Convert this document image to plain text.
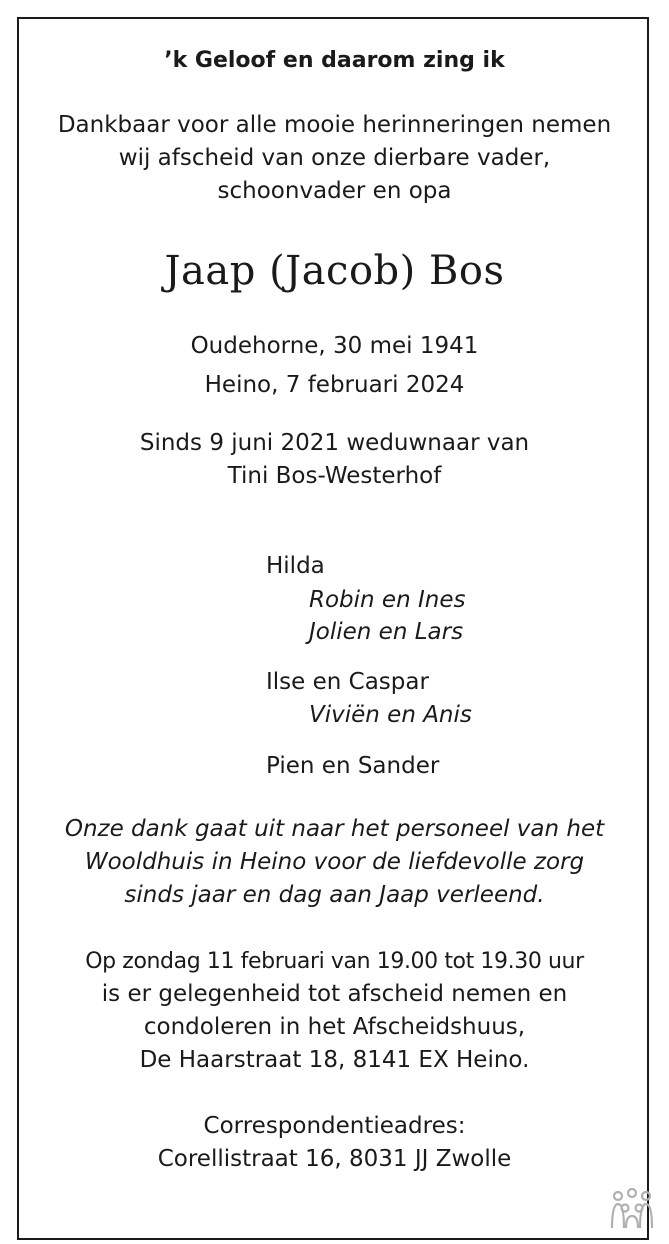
’k Geloof en daarom zing ik
Dankbaar voor alle mooie herinneringen nemen
wij afscheid van onze dierbare vader,
schoonvader en opa
Jaap (Jacob) Bos
Oudehorne, 30 mei 1941
Heino, 7 februari 2024
Sinds 9 juni 2021 weduwnaar van
Tini Bos-Westerhof
Hilda
Robin en Ines
Jolien en Lars
Ilse en Caspar
Viviën en Anis
Pien en Sander
Onze dank gaat uit naar het personeel van het
Wooldhuis in Heino voor de liefdevolle zorg
sinds jaar en dag aan Jaap verleend.
Op zondag 11 februari van 19.00 tot 19.30 uur
is er gelegenheid tot afscheid nemen en
condoleren in het Afscheidshuus,
De Haarstraat 18, 8141 EX Heino.
Correspondentieadres:
Corellistraat 16, 8031 JJ Zwolle
